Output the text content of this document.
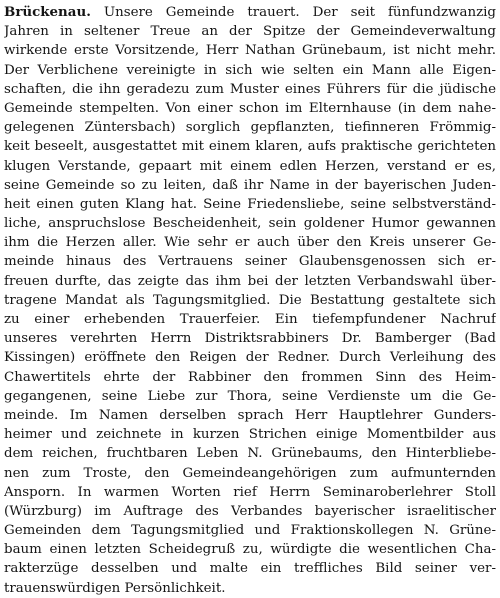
Brückenau. Unsere Gemeinde trauert. Der seit fünfundzwanzig
Jahren in seltener Treue an der Spitze der Gemeindeverwaltung
wirkende erste Vorsitzende, Herr Nathan Grünebaum, ist nicht mehr.
Der Verblichene vereinigte in sich wie selten ein Mann alle Eigen-
schaften, die ihn geradezu zum Muster eines Führers für die jüdische
Gemeinde stempelten. Von einer schon im Elternhause (in dem nahe-
gelegenen Züntersbach) sorglich gepflanzten, tiefinneren Frömmig-
keit beseelt, ausgestattet mit einem klaren, aufs praktische gerichteten
klugen Verstande, gepaart mit einem edlen Herzen, verstand er es,
seine Gemeinde so zu leiten, daß ihr Name in der bayerischen Juden-
heit einen guten Klang hat. Seine Friedensliebe, seine selbstverständ-
liche, anspruchslose Bescheidenheit, sein goldener Humor gewannen
ihm die Herzen aller. Wie sehr er auch über den Kreis unserer Ge-
meinde hinaus des Vertrauens seiner Glaubensgenossen sich er-
freuen durfte, das zeigte das ihm bei der letzten Verbandswahl über-
tragene Mandat als Tagungsmitglied. Die Bestattung gestaltete sich
zu einer erhebenden Trauerfeier. Ein tiefempfundener Nachruf
unseres verehrten Herrn Distriktsrabbiners Dr. Bamberger (Bad
Kissingen) eröffnete den Reigen der Redner. Durch Verleihung des
Chawertitels ehrte der Rabbiner den frommen Sinn des Heim-
gegangenen, seine Liebe zur Thora, seine Verdienste um die Ge-
meinde. Im Namen derselben sprach Herr Hauptlehrer Gunders-
heimer und zeichnete in kurzen Strichen einige Momentbilder aus
dem reichen, fruchtbaren Leben N. Grünebaums, den Hinterbliebe-
nen zum Troste, den Gemeindeangehörigen zum aufmunternden
Ansporn. In warmen Worten rief Herrn Seminaroberlehrer Stoll
(Würzburg) im Auftrage des Verbandes bayerischer israelitischer
Gemeinden dem Tagungsmitglied und Fraktionskollegen N. Grüne-
baum einen letzten Scheidegruß zu, würdigte die wesentlichen Cha-
rakterzüge desselben und malte ein treffliches Bild seiner ver-
trauenswürdigen Persönlichkeit.
